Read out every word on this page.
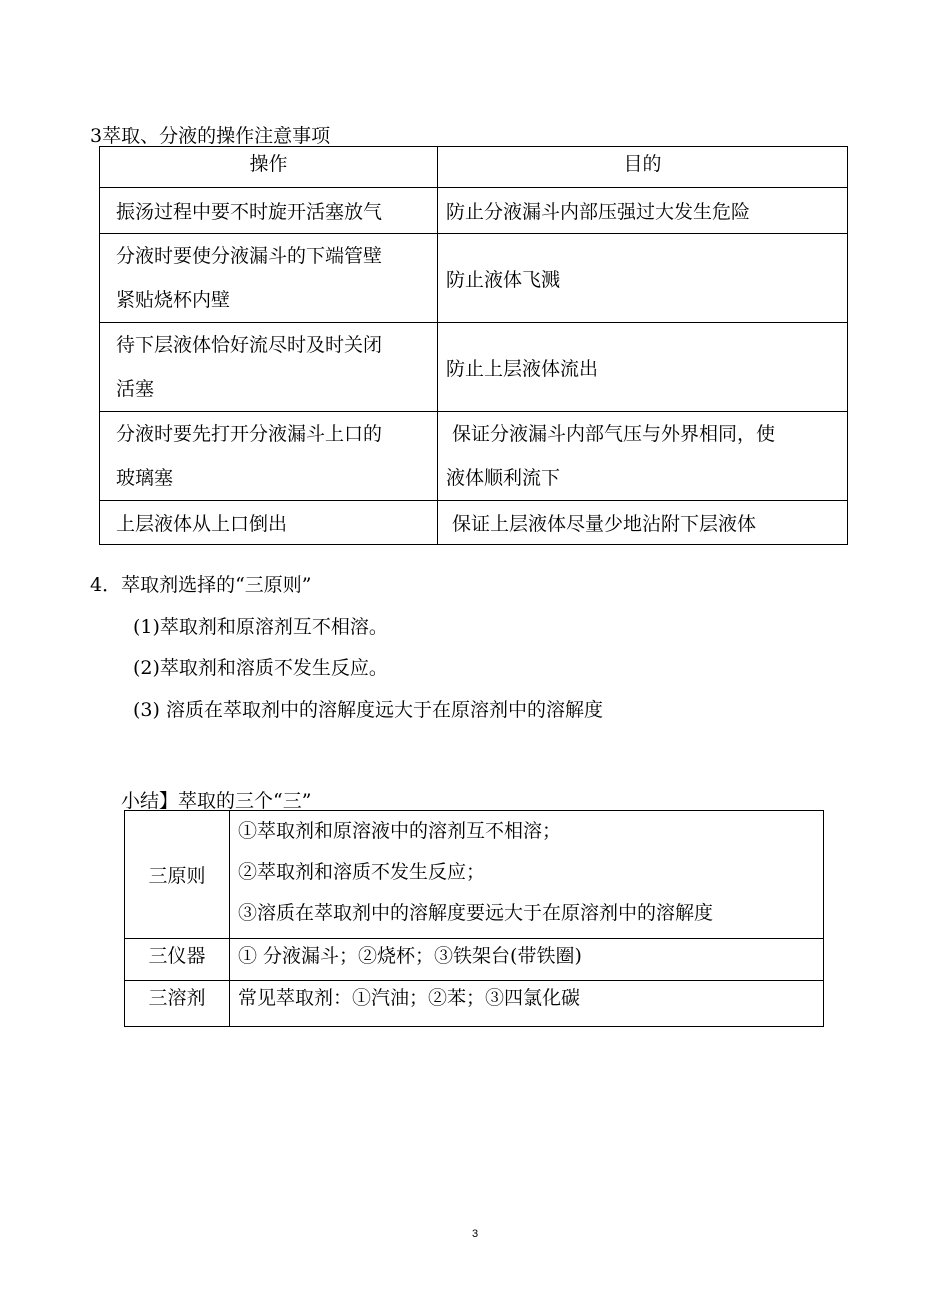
3萃取、分液的操作注意事项
操作	目的
振汤过程中要不时旋开活塞放气	防止分液漏斗内部压强过大发生危险
分液时要使分液漏斗的下端管壁
紧贴烧杯内壁	防止液体飞溅
待下层液体恰好流尽时及时关闭
活塞	防止上层液体流出
分液时要先打开分液漏斗上口的
玻璃塞	保证分液漏斗内部气压与外界相同，使
液体顺利流下
上层液体从上口倒出	保证上层液体尽量少地沾附下层液体
4．萃取剂选择的“三原则”
(1)萃取剂和原溶剂互不相溶。
(2)萃取剂和溶质不发生反应。
(3) 溶质在萃取剂中的溶解度远大于在原溶剂中的溶解度
小结】萃取的三个“三”
三原则	①萃取剂和原溶液中的溶剂互不相溶；
②萃取剂和溶质不发生反应；
③溶质在萃取剂中的溶解度要远大于在原溶剂中的溶解度
三仪器	① 分液漏斗；②烧杯；③铁架台(带铁圈)
三溶剂	常见萃取剂：①汽油；②苯；③四氯化碳
3
